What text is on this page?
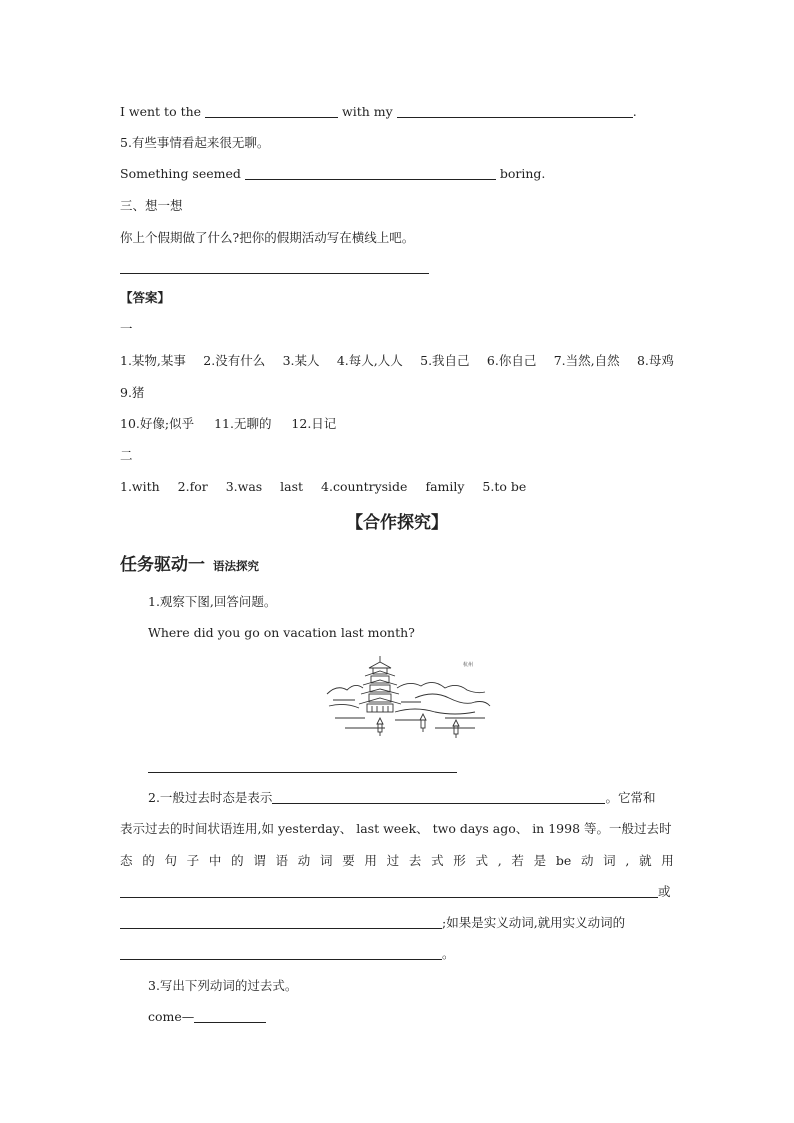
I went to the	with my	.
5.有些事情看起来很无聊。
Something seemed	boring.
三、想一想
你上个假期做了什么?把你的假期活动写在横线上吧。
【答案】
一
1.某物,某事 2.没有什么 3.某人 4.每人,人人 5.我自己 6.你自己 7.当然,自然 8.母鸡
9.猪
10.好像;似乎 11.无聊的 12.日记
二
1.with 2.for 3.was last 4.countryside family 5.to be
【合作探究】
任务驱动一 语法探究
1.观察下图,回答问题。
Where did you go on vacation last month?
杭州
2.一般过去时态是表示	。它常和
表示过去的时间状语连用,如 yesterday、 last week、 two days ago、 in 1998 等。一般过去时
态 的 句 子 中 的 谓 语 动 词 要 用 过 去 式 形 式 , 若 是 be 动 词 , 就 用
或
;如果是实义动词,就用实义动词的
。
3.写出下列动词的过去式。
come—
